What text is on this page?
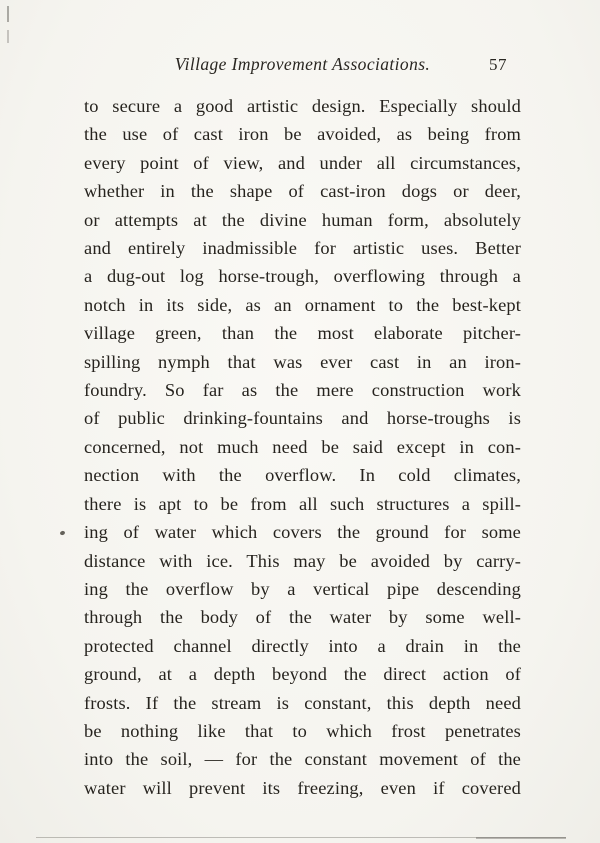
Village Improvement Associations.	57
to secure a good artistic design. Especially should
the use of cast iron be avoided, as being from
every point of view, and under all circumstances,
whether in the shape of cast-iron dogs or deer,
or attempts at the divine human form, absolutely
and entirely inadmissible for artistic uses. Better
a dug-out log horse-trough, overflowing through a
notch in its side, as an ornament to the best-kept
village green, than the most elaborate pitcher-
spilling nymph that was ever cast in an iron-
foundry. So far as the mere construction work
of public drinking-fountains and horse-troughs is
concerned, not much need be said except in con-
nection with the overflow. In cold climates,
there is apt to be from all such structures a spill-
ing of water which covers the ground for some
distance with ice. This may be avoided by carry-
ing the overflow by a vertical pipe descending
through the body of the water by some well-
protected channel directly into a drain in the
ground, at a depth beyond the direct action of
frosts. If the stream is constant, this depth need
be nothing like that to which frost penetrates
into the soil, — for the constant movement of the
water will prevent its freezing, even if covered
